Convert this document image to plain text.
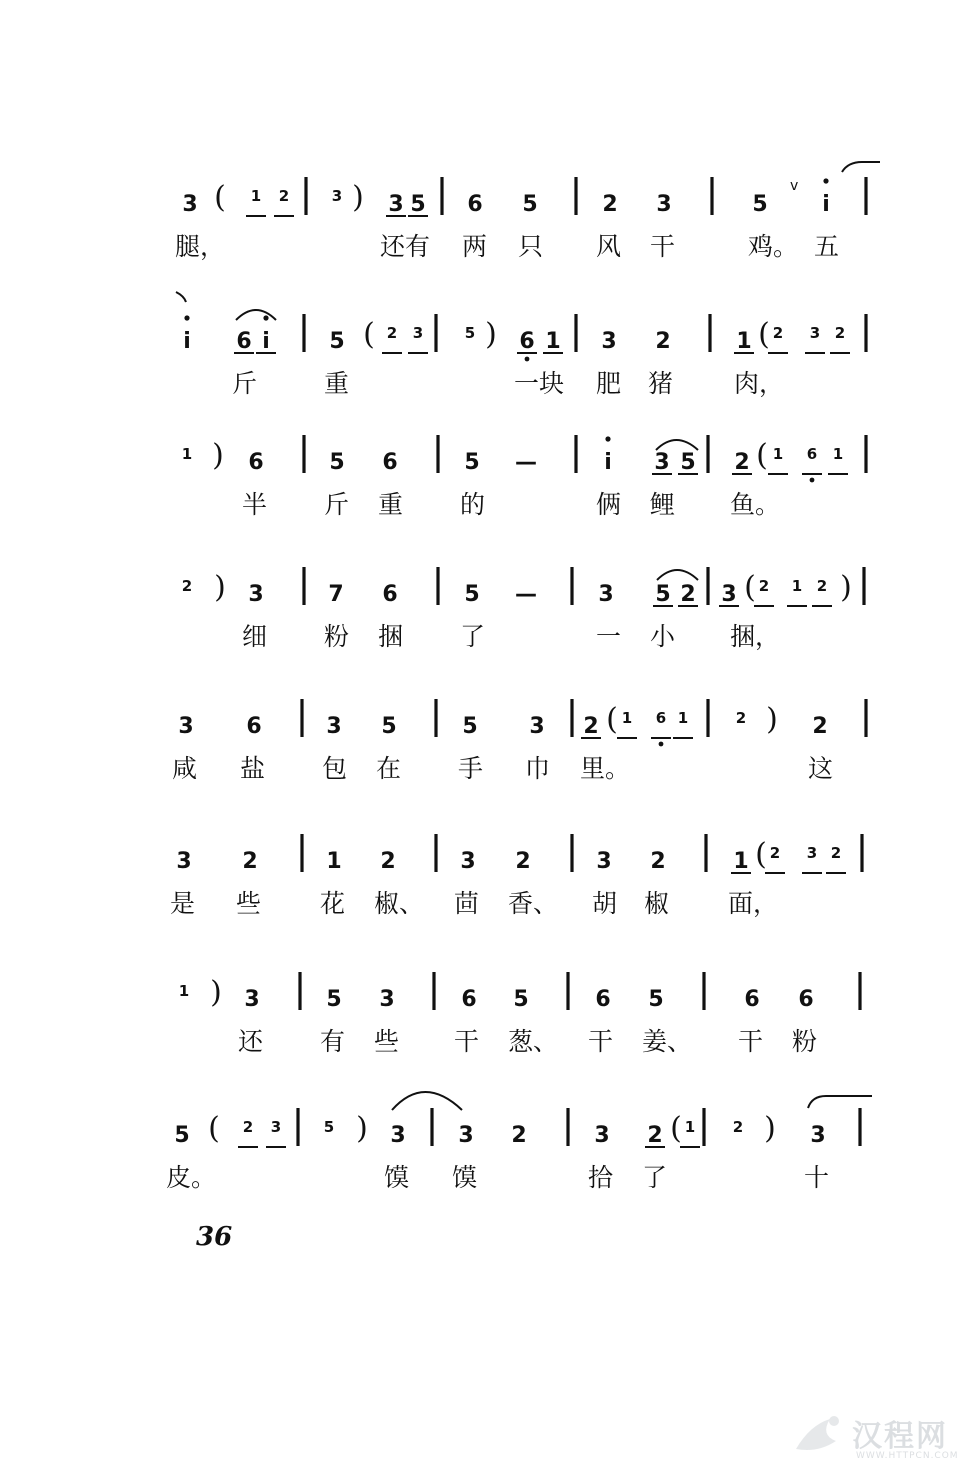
3 ( 1 2	3 ) 3 5 6 5	2 3	5 i
腿，	还有 两 只 风 干	鸡。 五
i 6 i	5 ( 2 3	5 ) 6 1 3 2	1 ( 2 3 2
斤	重	一块 肥 猪 肉，
1 ) 6	5 6	5 —	i 3 5 2 ( 1 6 1
半 斤 重 的	俩 鲤 鱼。
2 ) 3	7 6	5 —	3 5 2 3 ( 2 1 2 )
细 粉 捆 了	一 小 捆，
3 6	3 5	5 3 2 ( 1 6 1	2 ) 2
咸 盐 包 在 手 巾 里。	这
3 2	1 2	3 2	3 2	1 ( 2 3 2
是 些 花 椒、 茴 香、 胡 椒 面，
1 ) 3	5 3	6 5	6 5	6 6
还 有 些 干 葱、 干 姜、 干 粉
5 ( 2 3	5 ) 3 3 2	3 2 ( 1	2 ) 3
皮。	馍 馍	拾 了	十
v
36
汉程网
WWW.HTTPCN.COM
